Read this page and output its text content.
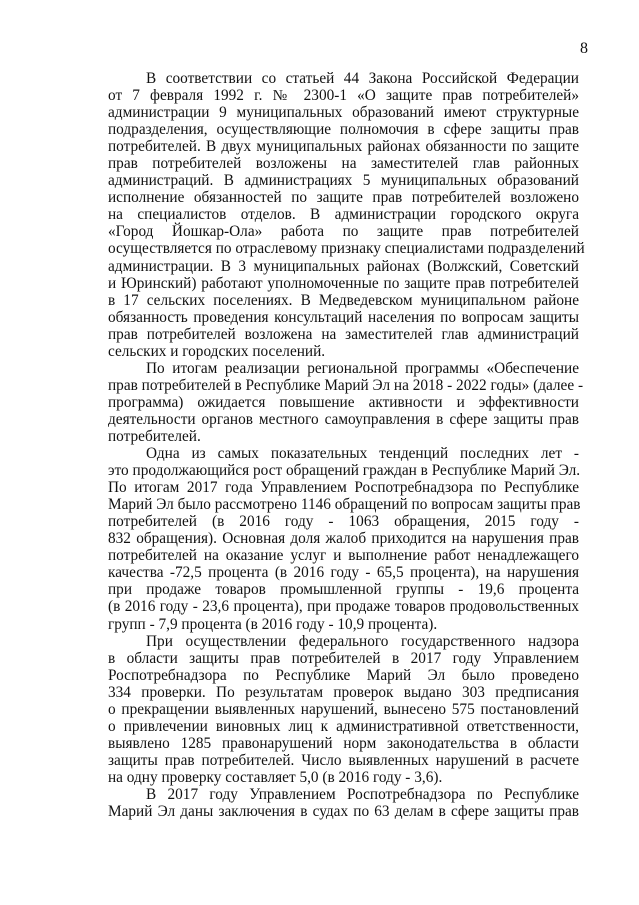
8
В соответствии со статьей 44 Закона Российской Федерации
от 7 февраля 1992 г. № 2300-1 «О защите прав потребителей»
администрации 9 муниципальных образований имеют структурные
подразделения, осуществляющие полномочия в сфере защиты прав
потребителей. В двух муниципальных районах обязанности по защите
прав потребителей возложены на заместителей глав районных
администраций. В администрациях 5 муниципальных образований
исполнение обязанностей по защите прав потребителей возложено
на специалистов отделов. В администрации городского округа
«Город Йошкар-Ола» работа по защите прав потребителей
осуществляется по отраслевому признаку специалистами подразделений
администрации. В 3 муниципальных районах (Волжский, Советский
и Юринский) работают уполномоченные по защите прав потребителей
в 17 сельских поселениях. В Медведевском муниципальном районе
обязанность проведения консультаций населения по вопросам защиты
прав потребителей возложена на заместителей глав администраций
сельских и городских поселений.
По итогам реализации региональной программы «Обеспечение
прав потребителей в Республике Марий Эл на 2018 - 2022 годы» (далее -
программа) ожидается повышение активности и эффективности
деятельности органов местного самоуправления в сфере защиты прав
потребителей.
Одна из самых показательных тенденций последних лет -
это продолжающийся рост обращений граждан в Республике Марий Эл.
По итогам 2017 года Управлением Роспотребнадзора по Республике
Марий Эл было рассмотрено 1146 обращений по вопросам защиты прав
потребителей (в 2016 году - 1063 обращения, 2015 году -
832 обращения). Основная доля жалоб приходится на нарушения прав
потребителей на оказание услуг и выполнение работ ненадлежащего
качества -72,5 процента (в 2016 году - 65,5 процента), на нарушения
при продаже товаров промышленной группы - 19,6 процента
(в 2016 году - 23,6 процента), при продаже товаров продовольственных
групп - 7,9 процента (в 2016 году - 10,9 процента).
При осуществлении федерального государственного надзора
в области защиты прав потребителей в 2017 году Управлением
Роспотребнадзора по Республике Марий Эл было проведено
334 проверки. По результатам проверок выдано 303 предписания
о прекращении выявленных нарушений, вынесено 575 постановлений
о привлечении виновных лиц к административной ответственности,
выявлено 1285 правонарушений норм законодательства в области
защиты прав потребителей. Число выявленных нарушений в расчете
на одну проверку составляет 5,0 (в 2016 году - 3,6).
В 2017 году Управлением Роспотребнадзора по Республике
Марий Эл даны заключения в судах по 63 делам в сфере защиты прав
